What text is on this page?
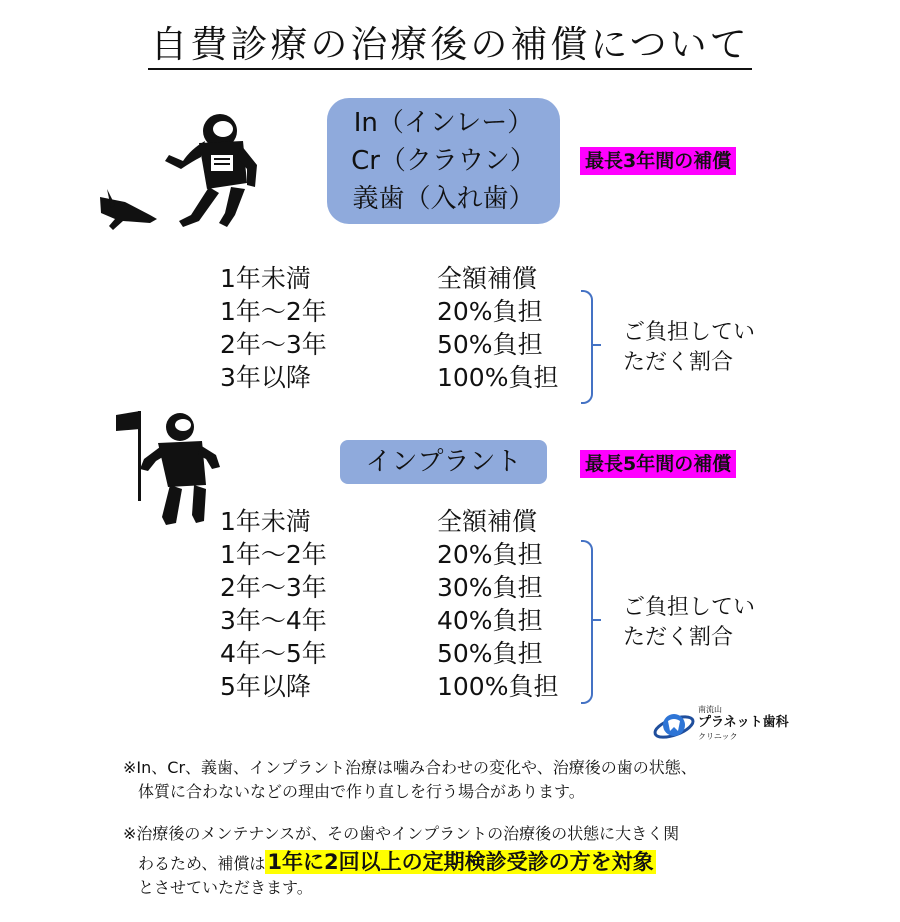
自費診療の治療後の補償について
In（インレー）
Cr（クラウン）
義歯（入れ歯）
最長3年間の補償
1年未満	全額補償
1年〜2年	20%負担
2年〜3年	50%負担
3年以降	100%負担
ご負担してい
ただく割合
インプラント	最長5年間の補償
1年未満	全額補償
1年〜2年	20%負担
2年〜3年	30%負担
3年〜4年	40%負担
4年〜5年	50%負担
5年以降	100%負担
ご負担してい
ただく割合
南流山
プラネット歯科
クリニック
※In、Cr、義歯、インプラント治療は噛み合わせの変化や、治療後の歯の状態、
体質に合わないなどの理由で作り直しを行う場合があります。
※治療後のメンテナンスが、その歯やインプラントの治療後の状態に大きく関
わるため、補償は1年に2回以上の定期検診受診の方を対象
とさせていただきます。
